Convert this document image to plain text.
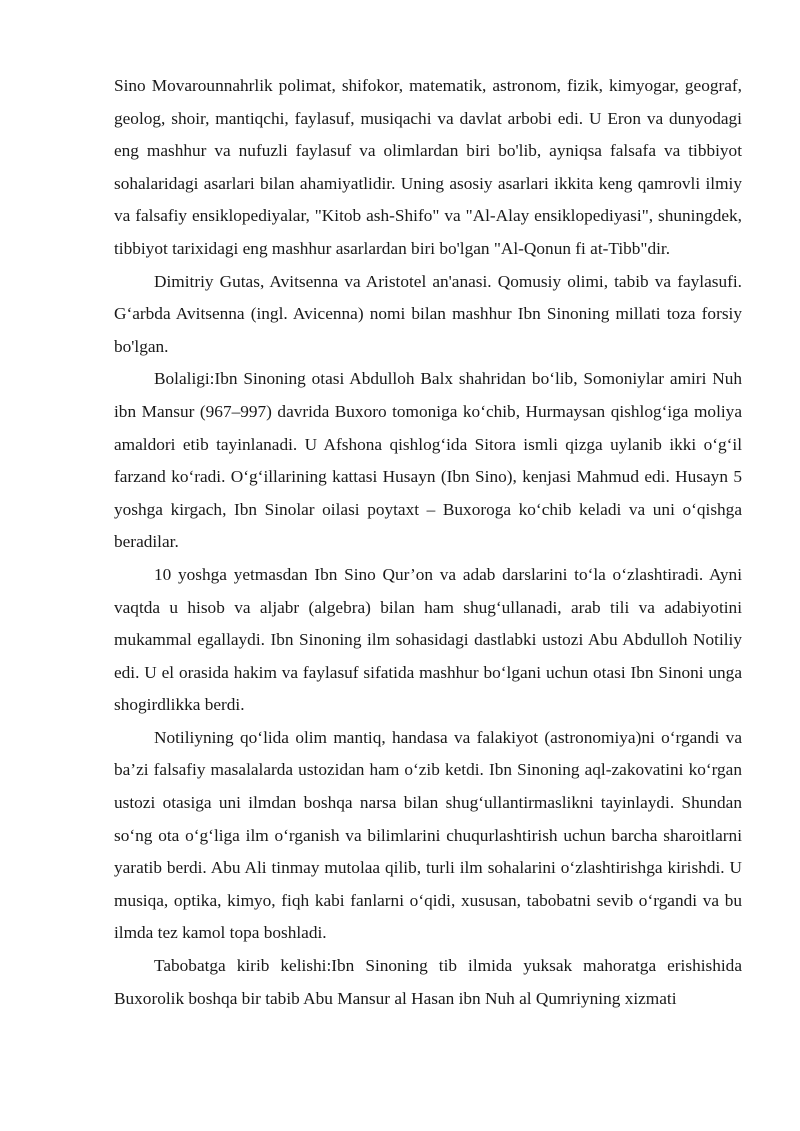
Sino Movarounnahrlik polimat, shifokor, matematik, astronom, fizik, kimyogar, geograf, geolog, shoir, mantiqchi, faylasuf, musiqachi va davlat arbobi edi. U Eron va dunyodagi eng mashhur va nufuzli faylasuf va olimlardan biri bo'lib, ayniqsa falsafa va tibbiyot sohalaridagi asarlari bilan ahamiyatlidir. Uning asosiy asarlari ikkita keng qamrovli ilmiy va falsafiy ensiklopediyalar, "Kitob ash-Shifo" va "Al-Alay ensiklopediyasi", shuningdek, tibbiyot tarixidagi eng mashhur asarlardan biri bo'lgan "Al-Qonun fi at-Tibb"dir.

Dimitriy Gutas, Avitsenna va Aristotel an'anasi. Qomusiy olimi, tabib va faylasufi. G‘arbda Avitsenna (ingl. Avicenna) nomi bilan mashhur Ibn Sinoning millati toza forsiy bo'lgan.

Bolaligi:Ibn Sinoning otasi Abdulloh Balx shahridan bo‘lib, Somoniylar amiri Nuh ibn Mansur (967–997) davrida Buxoro tomoniga ko‘chib, Hurmaysan qishlog‘iga moliya amaldori etib tayinlanadi. U Afshona qishlog‘ida Sitora ismli qizga uylanib ikki o‘g‘il farzand ko‘radi. O‘g‘illarining kattasi Husayn (Ibn Sino), kenjasi Mahmud edi. Husayn 5 yoshga kirgach, Ibn Sinolar oilasi poytaxt – Buxoroga ko‘chib keladi va uni o‘qishga beradilar.

10 yoshga yetmasdan Ibn Sino Qur’on va adab darslarini to‘la o‘zlashtiradi. Ayni vaqtda u hisob va aljabr (algebra) bilan ham shug‘ullanadi, arab tili va adabiyotini mukammal egallaydi. Ibn Sinoning ilm sohasidagi dastlabki ustozi Abu Abdulloh Notiliy edi. U el orasida hakim va faylasuf sifatida mashhur bo‘lgani uchun otasi Ibn Sinoni unga shogirdlikka berdi.

Notiliyning qo‘lida olim mantiq, handasa va falakiyot (astronomiya)ni o‘rgandi va ba’zi falsafiy masalalarda ustozidan ham o‘zib ketdi. Ibn Sinoning aql-zakovatini ko‘rgan ustozi otasiga uni ilmdan boshqa narsa bilan shug‘ullantirmaslikni tayinlaydi. Shundan so‘ng ota o‘g‘liga ilm o‘rganish va bilimlarini chuqurlashtirish uchun barcha sharoitlarni yaratib berdi. Abu Ali tinmay mutolaa qilib, turli ilm sohalarini o‘zlashtirishga kirishdi. U musiqa, optika, kimyo, fiqh kabi fanlarni o‘qidi, xususan, tabobatni sevib o‘rgandi va bu ilmda tez kamol topa boshladi.

Tabobatga kirib kelishi:Ibn Sinoning tib ilmida yuksak mahoratga erishishida Buxorolik boshqa bir tabib Abu Mansur al Hasan ibn Nuh al Qumriyning xizmati
